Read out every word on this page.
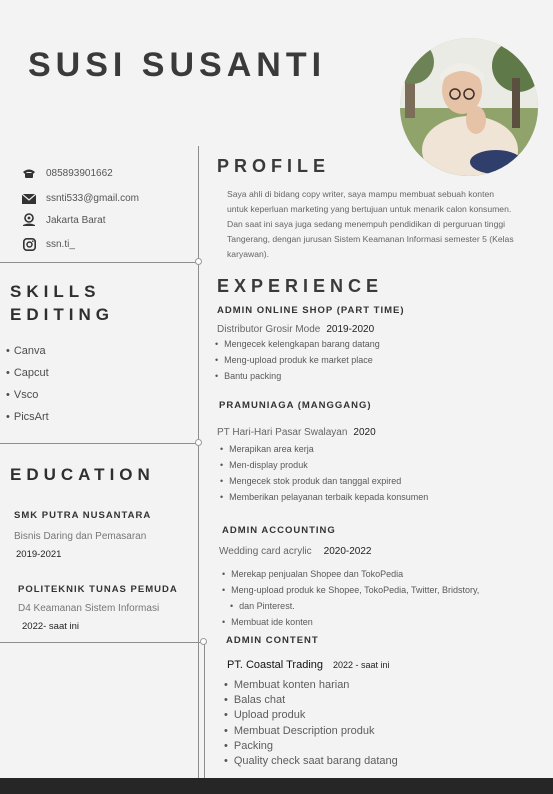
SUSI SUSANTI
085893901662
ssnti533@gmail.com
Jakarta Barat
ssn.ti_
SKILLS
EDITING
• Canva
• Capcut
• Vsco
• PicsArt
EDUCATION
SMK PUTRA NUSANTARA
Bisnis Daring dan Pemasaran
2019-2021
POLITEKNIK TUNAS PEMUDA
D4 Keamanan Sistem Informasi
2022- saat ini
PROFILE
Saya ahli di bidang copy writer, saya mampu membuat sebuah konten untuk keperluan marketing yang bertujuan untuk menarik calon konsumen. Dan saat ini saya juga sedang menempuh pendidikan di perguruan tinggi Tangerang, dengan jurusan Sistem Keamanan Informasi semester 5 (Kelas karyawan).
EXPERIENCE
ADMIN ONLINE SHOP (PART TIME)
Distributor Grosir Mode 2019-2020
• Mengecek kelengkapan barang datang
• Meng-upload produk ke market place
• Bantu packing
PRAMUNIAGA (MANGGANG)
PT Hari-Hari Pasar Swalayan 2020
• Merapikan area kerja
• Men-display produk
• Mengecek stok produk dan tanggal expired
• Memberikan pelayanan terbaik kepada konsumen
ADMIN ACCOUNTING
Wedding card acrylic 2020-2022
• Merekap penjualan Shopee dan TokoPedia
• Meng-upload produk ke Shopee, TokoPedia, Twitter, Bridstory,
• dan Pinterest.
• Membuat ide konten
ADMIN CONTENT
PT. Coastal Trading 2022 - saat ini
• Membuat konten harian
• Balas chat
• Upload produk
• Membuat Description produk
• Packing
• Quality check saat barang datang
